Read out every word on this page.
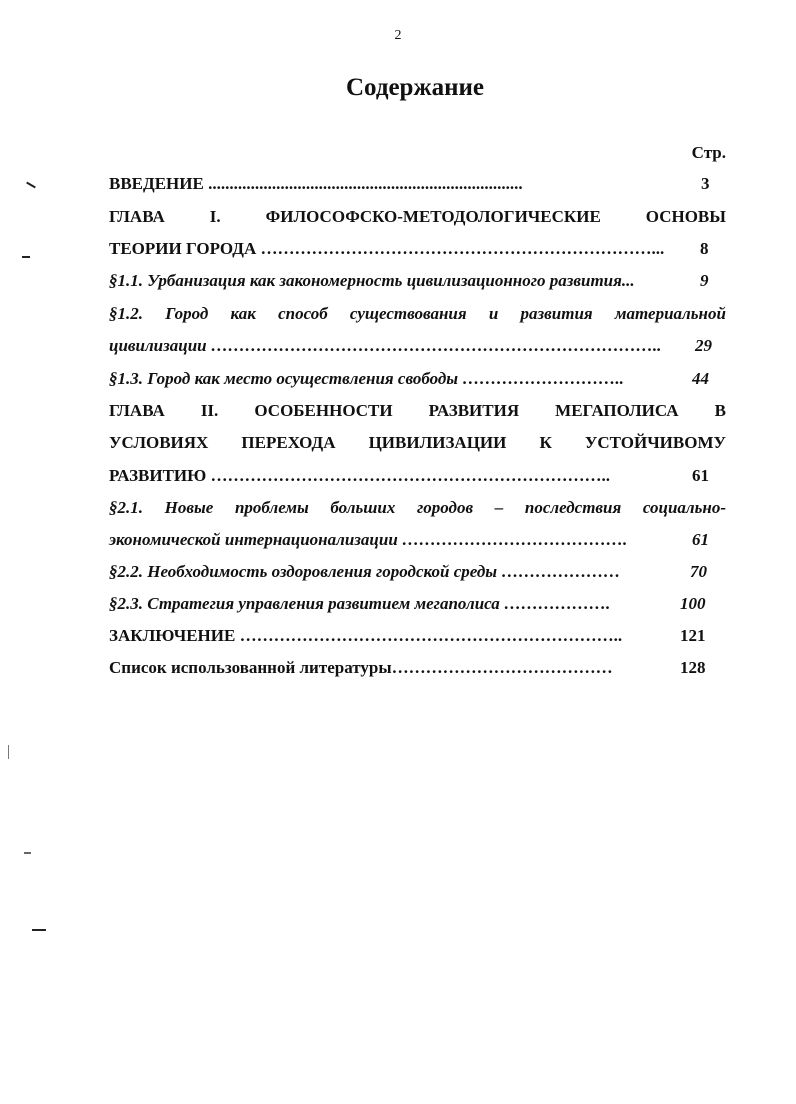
2
Содержание
Стр.
ВВЕДЕНИЕ ..........................................................................	3
ГЛАВА	I.	ФИЛОСОФСКО-МЕТОДОЛОГИЧЕСКИЕ	ОСНОВЫ
ТЕОРИИ ГОРОДА ……………………………………………………………... 8
§1.1. Урбанизация как закономерность цивилизационного развития...	9
§1.2. Город как способ существования и развития материальной
цивилизации …………………………………………………………………….. 29
§1.3. Город как место осуществления свободы ………………………..	44
ГЛАВА II. ОСОБЕННОСТИ РАЗВИТИЯ МЕГАПОЛИСА В
УСЛОВИЯХ ПЕРЕХОДА ЦИВИЛИЗАЦИИ К УСТОЙЧИВОМУ
РАЗВИТИЮ ……………………………………………………………..	61
§2.1. Новые проблемы больших городов – последствия социально-
экономической интернационализации ………………………………….	61
§2.2. Необходимость оздоровления городской среды …………………	70
§2.3. Стратегия управления развитием мегаполиса ……………….	100
ЗАКЛЮЧЕНИЕ …………………………………………………………..	121
Список использованной литературы…………………………………	128
